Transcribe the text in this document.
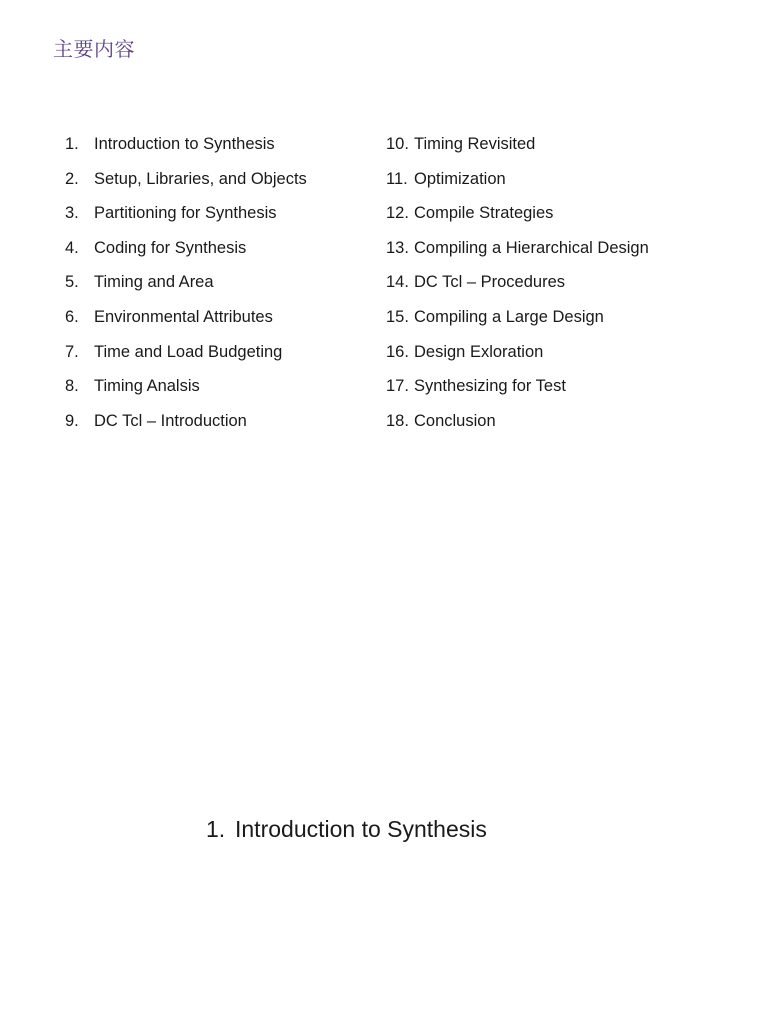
主要内容
1. Introduction to Synthesis
2. Setup, Libraries, and Objects
3. Partitioning for Synthesis
4. Coding for Synthesis
5. Timing and Area
6. Environmental Attributes
7. Time and Load Budgeting
8. Timing Analsis
9. DC Tcl – Introduction
10. Timing Revisited
11. Optimization
12. Compile Strategies
13. Compiling a Hierarchical Design
14. DC Tcl – Procedures
15. Compiling a Large Design
16. Design Exloration
17. Synthesizing for Test
18. Conclusion
1. Introduction to Synthesis
